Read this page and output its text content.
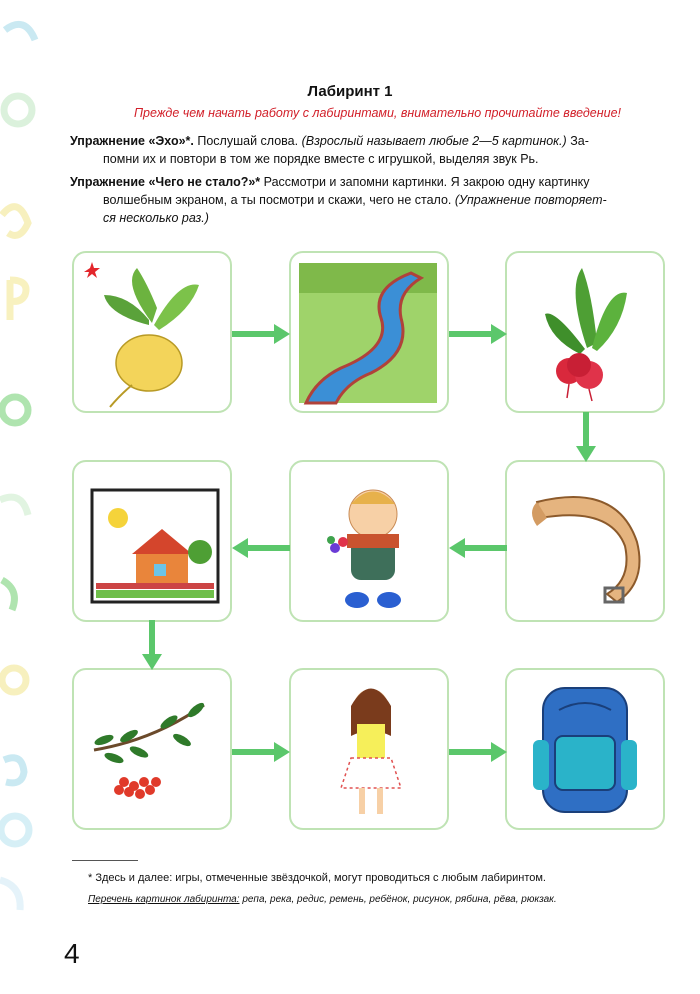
Лабиринт 1
Прежде чем начать работу с лабиринтами, внимательно прочитайте введение!
Упражнение «Эхо»*. Послушай слова. (Взрослый называет любые 2—5 картинок.) За-
помни их и повтори в том же порядке вместе с игрушкой, выделяя звук Рь.
Упражнение «Чего не стало?»* Рассмотри и запомни картинки. Я закрою одну картинку
волшебным экраном, а ты посмотри и скажи, чего не стало. (Упражнение повторяет-
ся несколько раз.)
* Здесь и далее: игры, отмеченные звёздочкой, могут проводиться с любым лабиринтом.
Перечень картинок лабиринта: репа, река, редис, ремень, ребёнок, рисунок, рябина, рёва, рюкзак.
4
